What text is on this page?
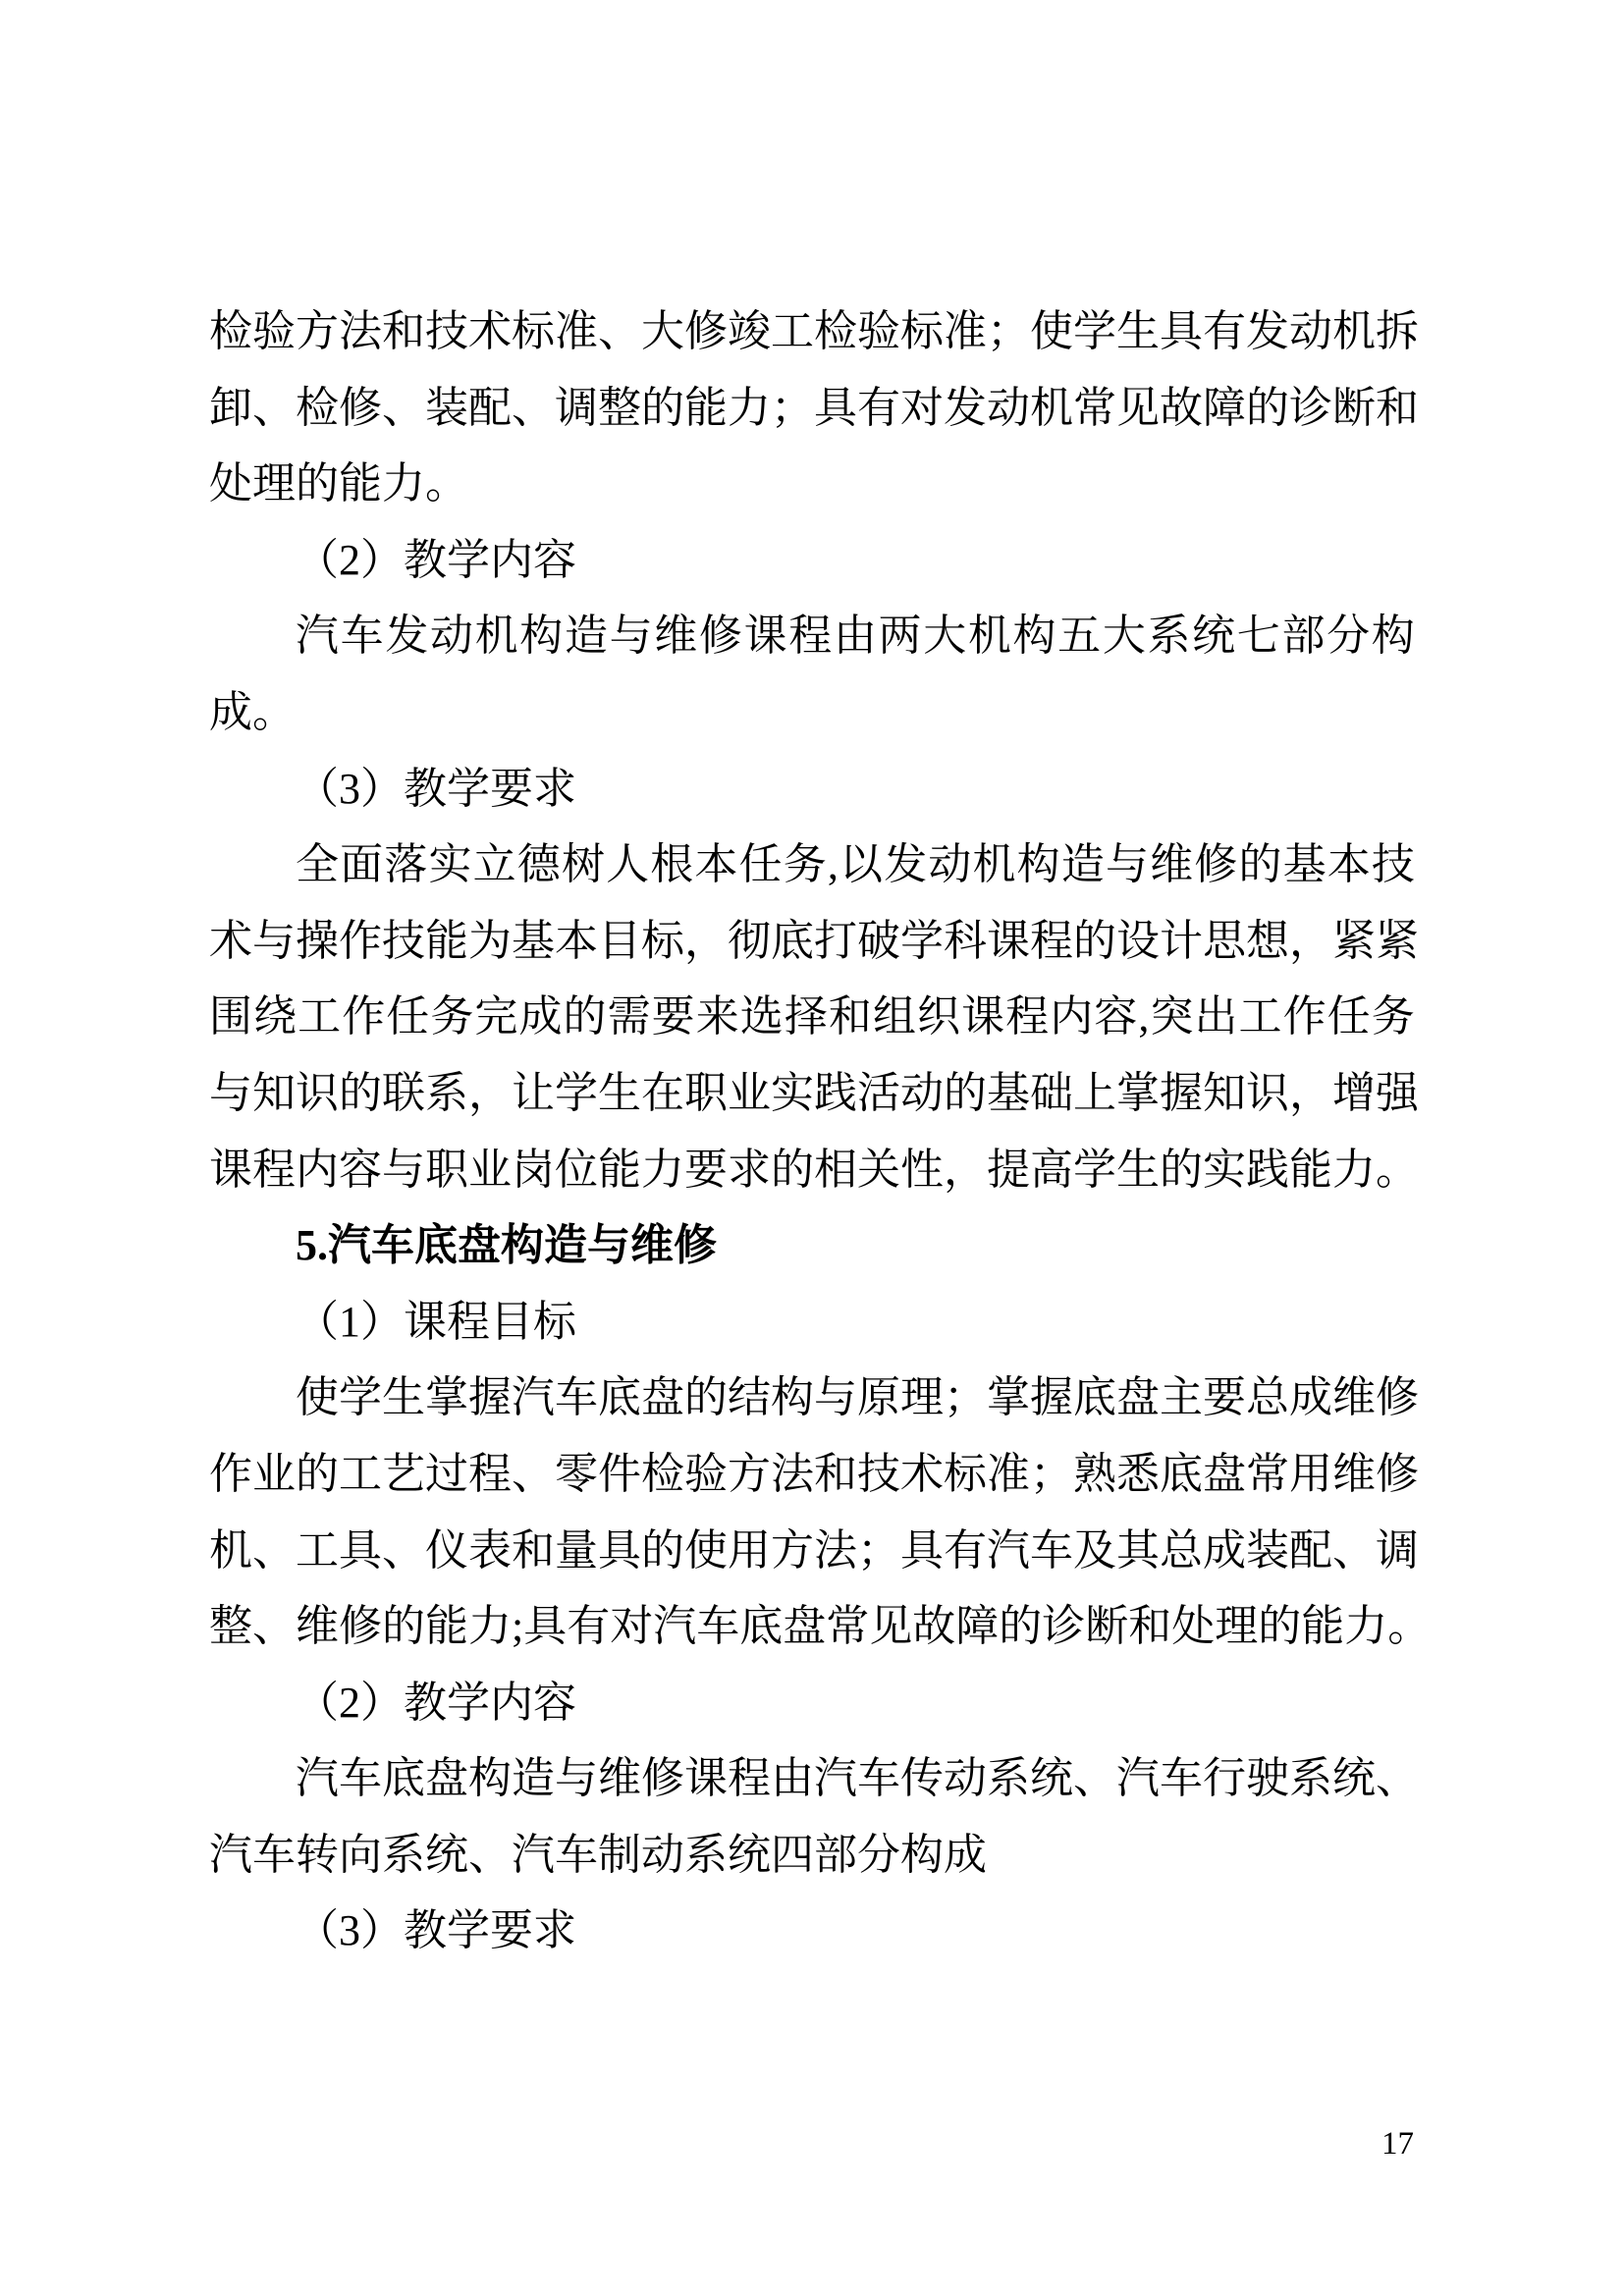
检 验 方 法 和 技 术 标 准 、 大 修 竣 工 检 验 标 准 ； 使 学 生 具 有 发 动 机 拆
卸 、 检 修 、 装 配 、 调 整 的 能 力 ； 具 有 对 发 动 机 常 见 故 障 的 诊 断 和
处理的能力。
（2）教学内容
汽 车 发 动 机 构 造 与 维 修 课 程 由 两 大 机 构 五 大 系 统 七 部 分 构
成。
（3）教学要求
全 面 落 实 立 德 树 人 根 本 任 务 , 以 发 动 机 构 造 与 维 修 的 基 本 技
术 与 操 作 技 能 为 基 本 目 标 ， 彻 底 打 破 学 科 课 程 的 设 计 思 想 ， 紧 紧
围 绕 工 作 任 务 完 成 的 需 要 来 选 择 和 组 织 课 程 内 容 , 突 出 工 作 任 务
与 知 识 的 联 系 ， 让 学 生 在 职 业 实 践 活 动 的 基 础 上 掌 握 知 识 ， 增 强
课 程 内 容 与 职 业 岗 位 能 力 要 求 的 相 关 性 ， 提 高 学 生 的 实 践 能 力 。
5.汽车底盘构造与维修
（1）课程目标
使 学 生 掌 握 汽 车 底 盘 的 结 构 与 原 理 ； 掌 握 底 盘 主 要 总 成 维 修
作 业 的 工 艺 过 程 、 零 件 检 验 方 法 和 技 术 标 准 ； 熟 悉 底 盘 常 用 维 修
机 、 工 具 、 仪 表 和 量 具 的 使 用 方 法 ； 具 有 汽 车 及 其 总 成 装 配 、 调
整 、 维 修 的 能 力 ; 具 有 对 汽 车 底 盘 常 见 故 障 的 诊 断 和 处 理 的 能 力 。
（2）教学内容
汽 车 底 盘 构 造 与 维 修 课 程 由 汽 车 传 动 系 统 、 汽 车 行 驶 系 统 、
汽车转向系统、汽车制动系统四部分构成
（3）教学要求
17
